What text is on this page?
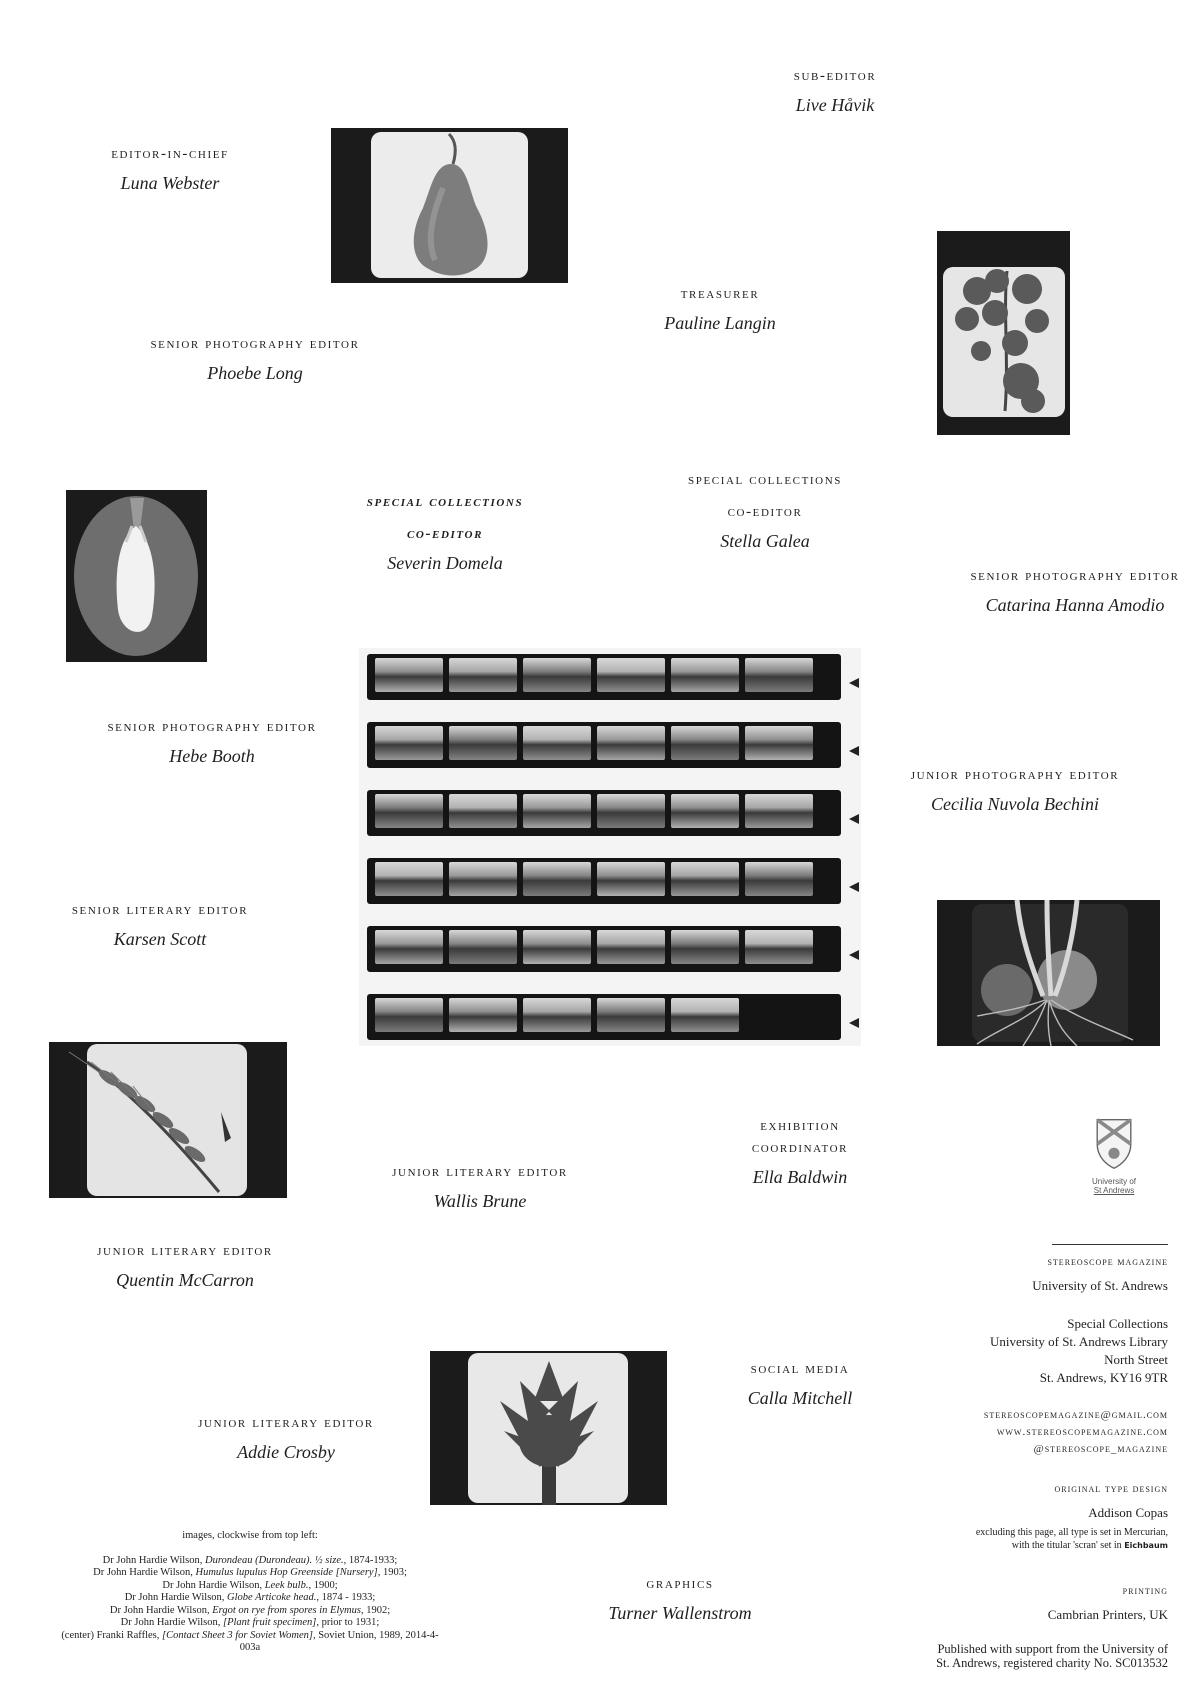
sub-editor
Live Håvik
editor-in-chief
Luna Webster
treasurer
Pauline Langin
senior photography editor
Phoebe Long
special collections
co-editor
Severin Domela
special collections
co-editor
Stella Galea
senior photography editor
Catarina Hanna Amodio
senior photography editor
Hebe Booth
junior photography editor
Cecilia Nuvola Bechini
senior literary editor
Karsen Scott
exhibition
coordinator
Ella Baldwin
junior literary editor
Wallis Brune
junior literary editor
Quentin McCarron
social media
Calla Mitchell
junior literary editor
Addie Crosby
graphics
Turner Wallenstrom
University of
St Andrews
stereoscope magazine
University of St. Andrews
Special Collections
University of St. Andrews Library
North Street
St. Andrews, KY16 9TR
stereoscopemagazine@gmail.com
www.stereoscopemagazine.com
@stereoscope_magazine
original type design
Addison Copas
excluding this page, all type is set in Mercurian,
with the titular 'scran' set in Eichbaum
printing
Cambrian Printers, UK
Published with support from the University of St. Andrews, registered charity No. SC013532
images, clockwise from top left:
Dr John Hardie Wilson, Durondeau (Durondeau). ½ size., 1874-1933;
Dr John Hardie Wilson, Humulus lupulus Hop Greenside [Nursery], 1903;
Dr John Hardie Wilson, Leek bulb., 1900;
Dr John Hardie Wilson, Globe Articoke head., 1874 - 1933;
Dr John Hardie Wilson, Ergot on rye from spores in Elymus, 1902;
Dr John Hardie Wilson, [Plant fruit specimen], prior to 1931;
(center) Franki Raffles, [Contact Sheet 3 for Soviet Women], Soviet Union, 1989, 2014-4-003a
